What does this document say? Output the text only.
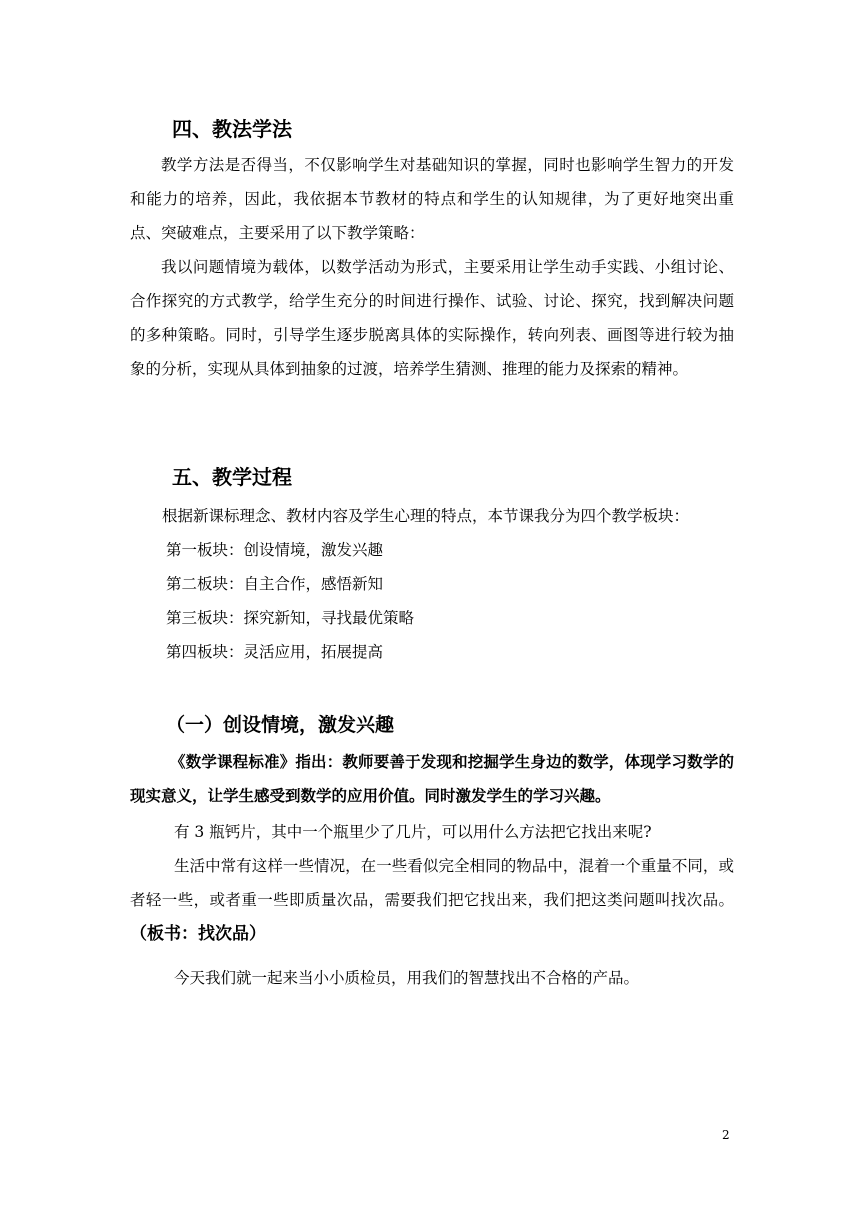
四、教法学法

教学方法是否得当，不仅影响学生对基础知识的掌握，同时也影响学生智力的开发和能力的培养，因此，我依据本节教材的特点和学生的认知规律，为了更好地突出重点、突破难点，主要采用了以下教学策略：

我以问题情境为载体，以数学活动为形式，主要采用让学生动手实践、小组讨论、合作探究的方式教学，给学生充分的时间进行操作、试验、讨论、探究，找到解决问题的多种策略。同时，引导学生逐步脱离具体的实际操作，转向列表、画图等进行较为抽象的分析，实现从具体到抽象的过渡，培养学生猜测、推理的能力及探索的精神。

五、教学过程
根据新课标理念、教材内容及学生心理的特点，本节课我分为四个教学板块：
第一板块：创设情境，激发兴趣
第二板块：自主合作，感悟新知
第三板块：探究新知，寻找最优策略
第四板块：灵活应用，拓展提高
（一）创设情境，激发兴趣

《数学课程标准》指出：教师要善于发现和挖掘学生身边的数学，体现学习数学的现实意义，让学生感受到数学的应用价值。同时激发学生的学习兴趣。

有 3 瓶钙片，其中一个瓶里少了几片，可以用什么方法把它找出来呢?

生活中常有这样一些情况，在一些看似完全相同的物品中，混着一个重量不同，或者轻一些，或者重一些即质量次品，需要我们把它找出来，我们把这类问题叫找次品。（板书：找次品）

今天我们就一起来当小小质检员，用我们的智慧找出不合格的产品。
2
